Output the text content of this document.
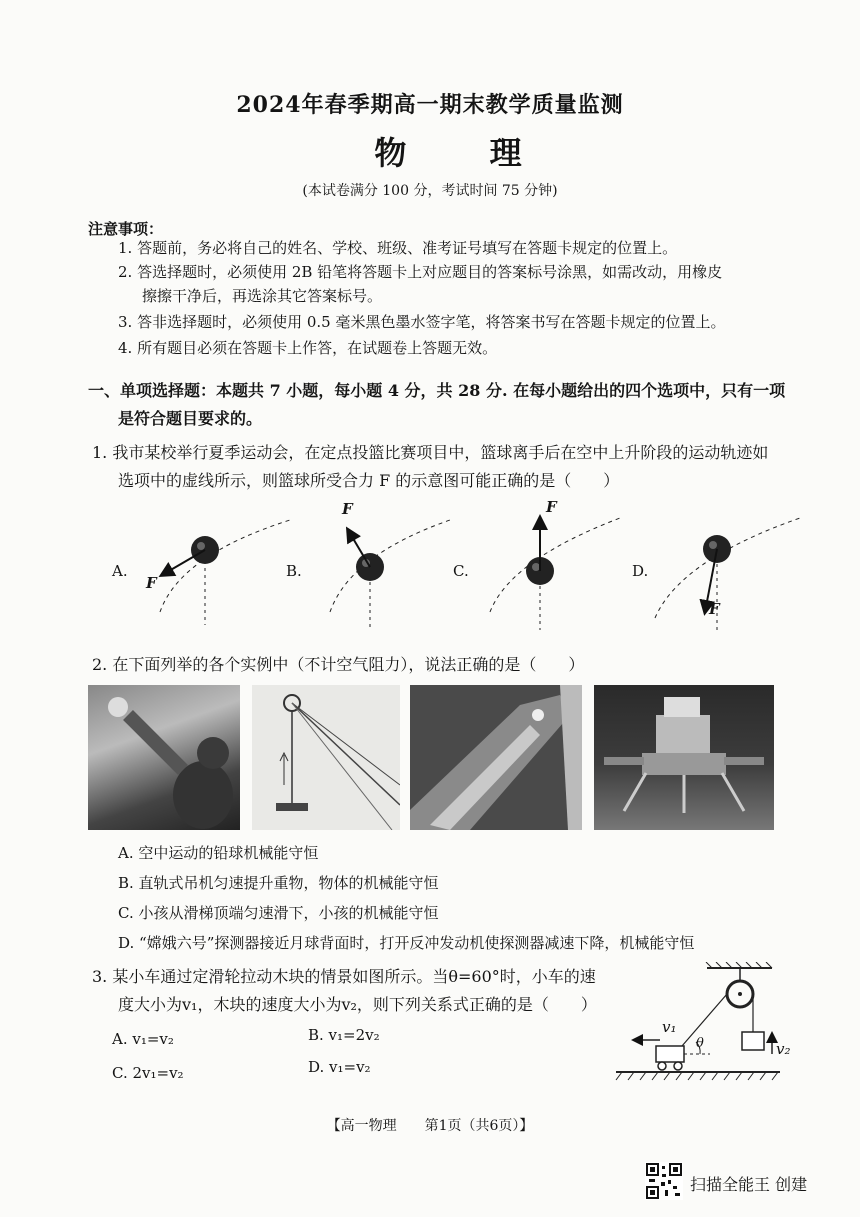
2024年春季期高一期末教学质量监测
物 理
(本试卷满分 100 分，考试时间 75 分钟)
注意事项：
1. 答题前，务必将自己的姓名、学校、班级、准考证号填写在答题卡规定的位置上。
2. 答选择题时，必须使用 2B 铅笔将答题卡上对应题目的答案标号涂黑，如需改动，用橡皮
擦擦干净后，再选涂其它答案标号。
3. 答非选择题时，必须使用 0.5 毫米黑色墨水签字笔，将答案书写在答题卡规定的位置上。
4. 所有题目必须在答题卡上作答，在试题卷上答题无效。
一、单项选择题：本题共 7 小题，每小题 4 分，共 28 分. 在每小题给出的四个选项中，只有一项
是符合题目要求的。
1. 我市某校举行夏季运动会，在定点投篮比赛项目中，篮球离手后在空中上升阶段的运动轨迹如
选项中的虚线所示，则篮球所受合力 F 的示意图可能正确的是（　　）
A.	B.	C.	D.
F
F	F
F
2. 在下面列举的各个实例中（不计空气阻力），说法正确的是（　　）
A. 空中运动的铅球机械能守恒
B. 直轨式吊机匀速提升重物，物体的机械能守恒
C. 小孩从滑梯顶端匀速滑下，小孩的机械能守恒
D. “嫦娥六号”探测器接近月球背面时，打开反冲发动机使探测器减速下降，机械能守恒
3. 某小车通过定滑轮拉动木块的情景如图所示。当θ=60°时，小车的速
度大小为v₁，木块的速度大小为v₂，则下列关系式正确的是（　　）
A. v₁=v₂	B. v₁=2v₂
C. 2v₁=v₂	D. v₁=v₂
v₁
θ	v₂
【高一物理　　第1页（共6页）】
扫描全能王 创建
